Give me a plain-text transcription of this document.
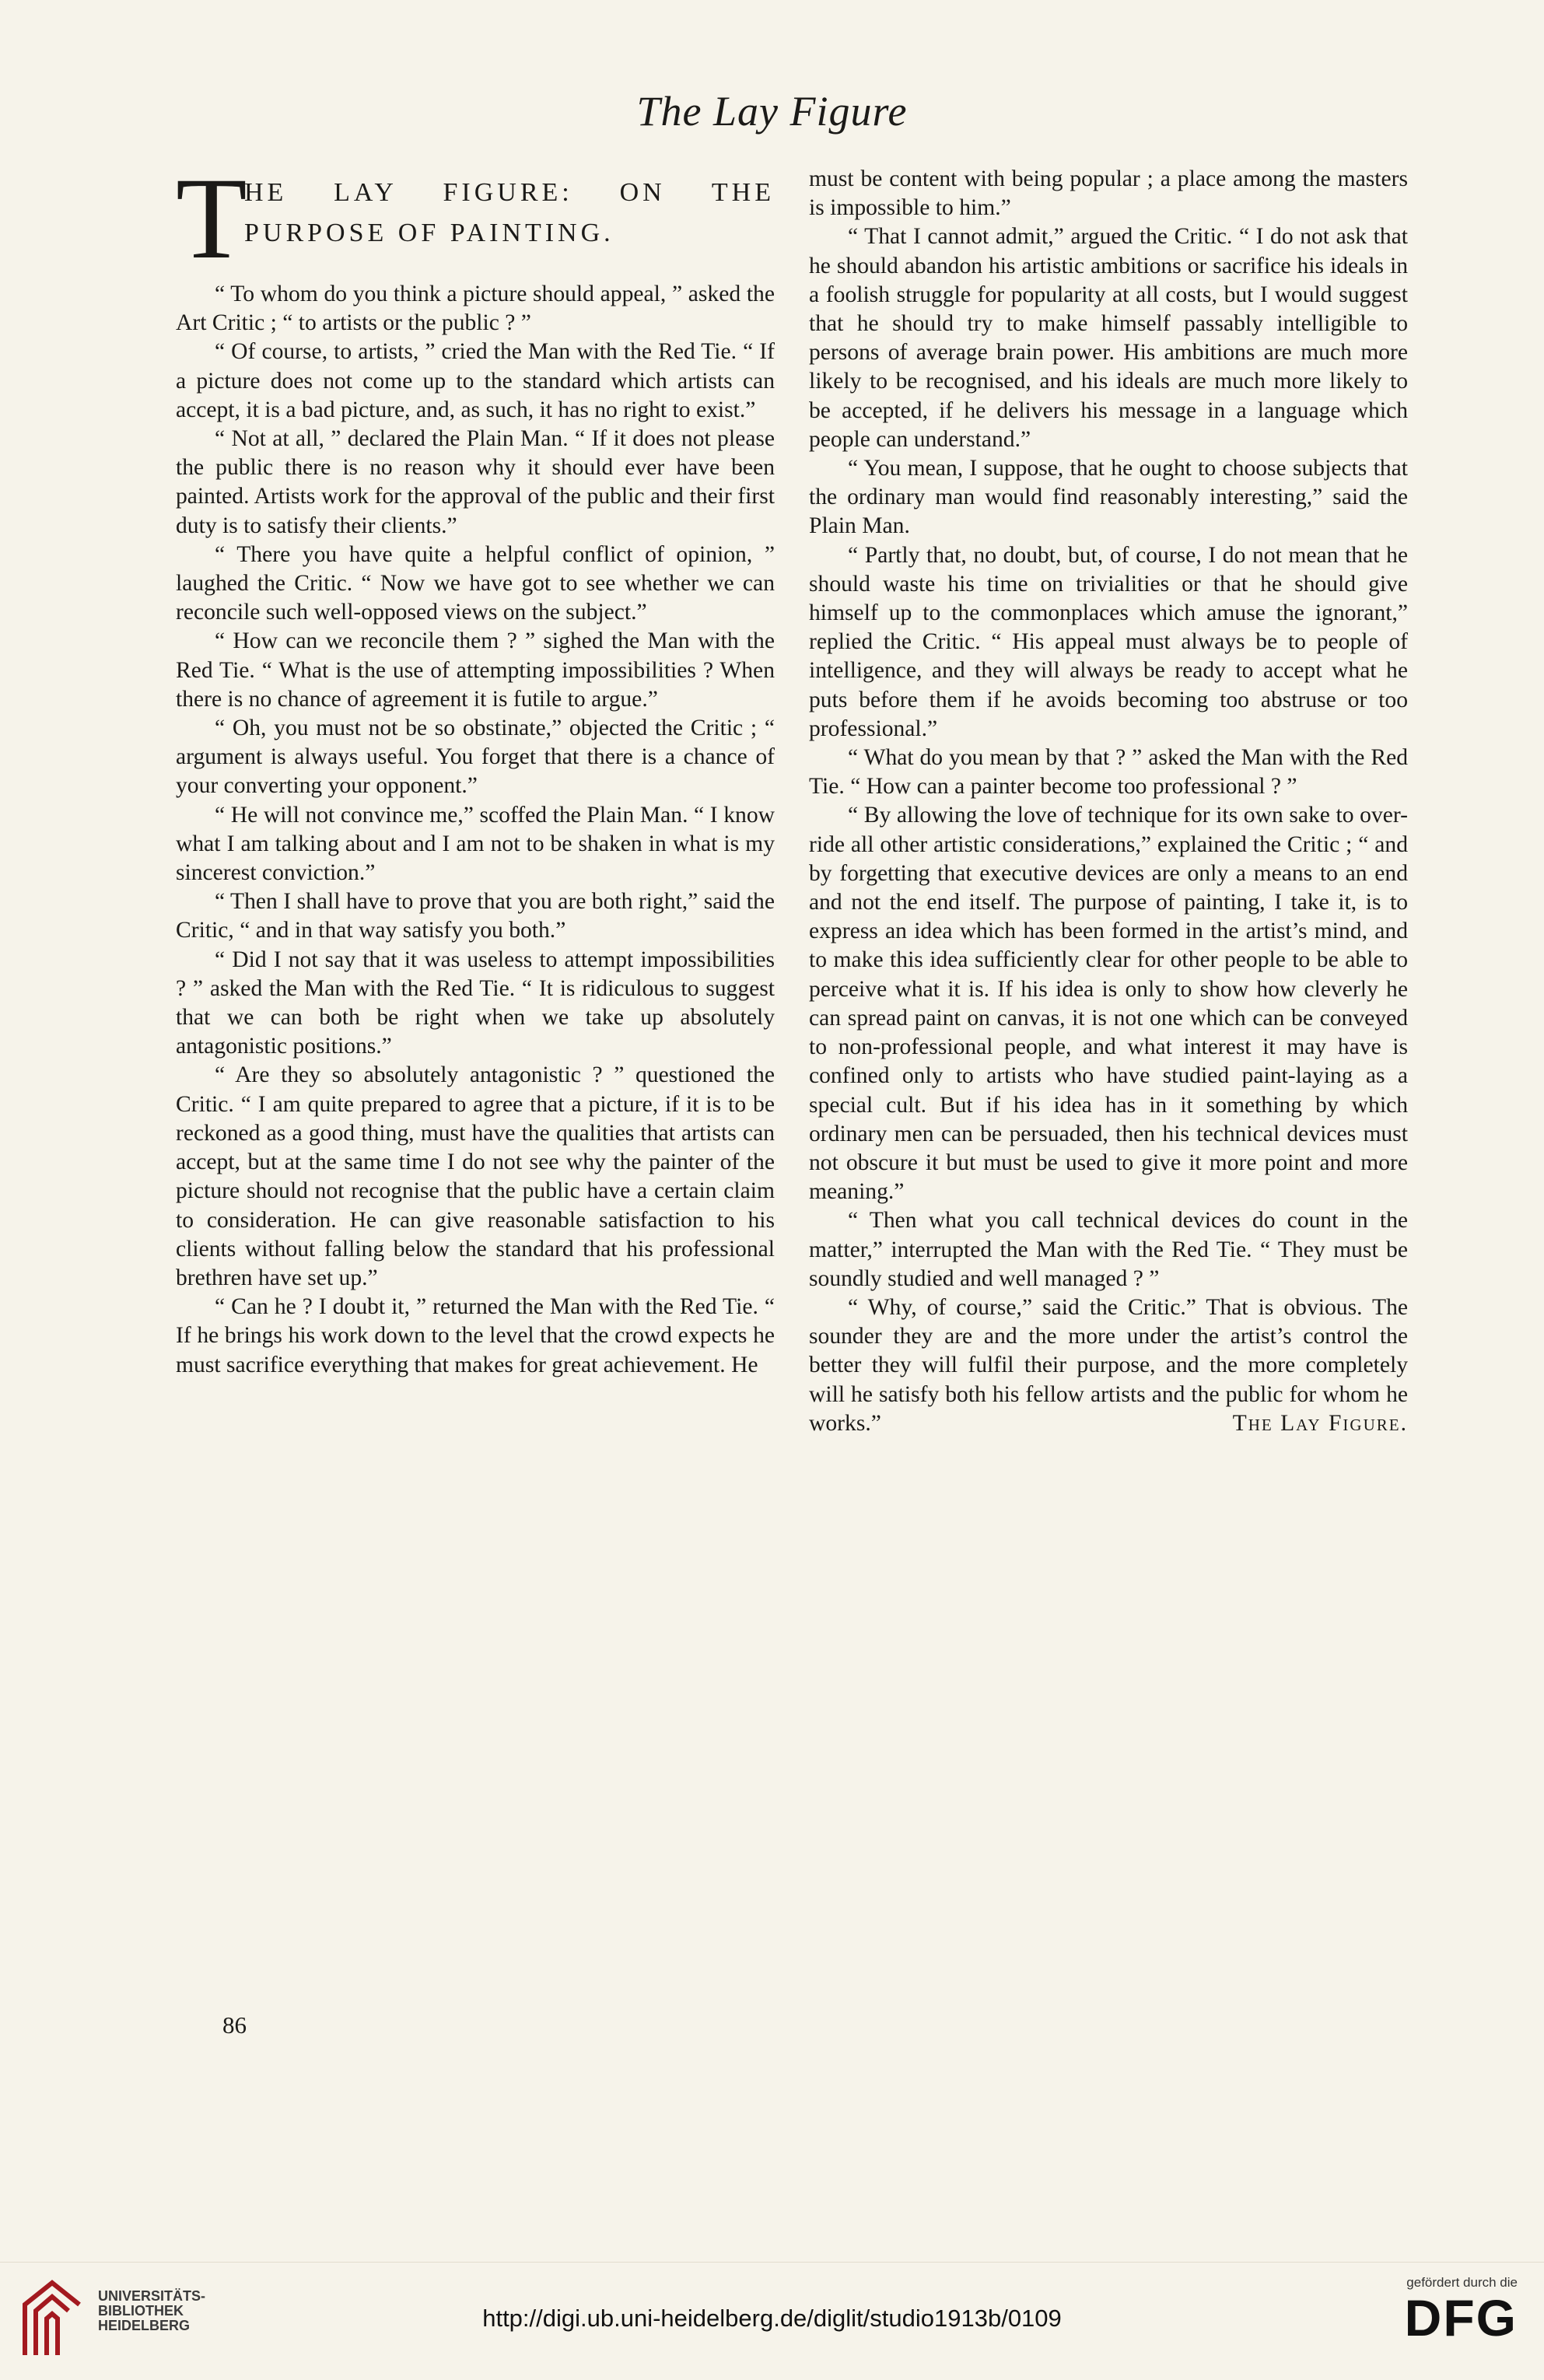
The Lay Figure
T
HE LAY FIGURE: ON THE PURPOSE OF PAINTING.

“ To whom do you think a picture should appeal, ” asked the Art Critic ; “ to artists or the public ? ”

“ Of course, to artists, ” cried the Man with the Red Tie. “ If a picture does not come up to the standard which artists can accept, it is a bad picture, and, as such, it has no right to exist.”

“ Not at all, ” declared the Plain Man. “ If it does not please the public there is no reason why it should ever have been painted. Artists work for the approval of the public and their first duty is to satisfy their clients.”

“ There you have quite a helpful conflict of opinion, ” laughed the Critic. “ Now we have got to see whether we can reconcile such well-opposed views on the subject.”

“ How can we reconcile them ? ” sighed the Man with the Red Tie. “ What is the use of attempting impossibilities ? When there is no chance of agreement it is futile to argue.”

“ Oh, you must not be so obstinate,” objected the Critic ; “ argument is always useful. You forget that there is a chance of your converting your opponent.”

“ He will not convince me,” scoffed the Plain Man. “ I know what I am talking about and I am not to be shaken in what is my sincerest conviction.”

“ Then I shall have to prove that you are both right,” said the Critic, “ and in that way satisfy you both.”

“ Did I not say that it was useless to attempt impossibilities ? ” asked the Man with the Red Tie. “ It is ridiculous to suggest that we can both be right when we take up absolutely antagonistic positions.”

“ Are they so absolutely antagonistic ? ” questioned the Critic. “ I am quite prepared to agree that a picture, if it is to be reckoned as a good thing, must have the qualities that artists can accept, but at the same time I do not see why the painter of the picture should not recognise that the public have a certain claim to consideration. He can give reasonable satisfaction to his clients without falling below the standard that his professional brethren have set up.”

“ Can he ? I doubt it, ” returned the Man with the Red Tie. “ If he brings his work down to the level that the crowd expects he must sacrifice everything that makes for great achievement. He

must be content with being popular ; a place among the masters is impossible to him.”

“ That I cannot admit,” argued the Critic. “ I do not ask that he should abandon his artistic ambitions or sacrifice his ideals in a foolish struggle for popularity at all costs, but I would suggest that he should try to make himself passably intelligible to persons of average brain power. His ambitions are much more likely to be recognised, and his ideals are much more likely to be accepted, if he delivers his message in a language which people can understand.”

“ You mean, I suppose, that he ought to choose subjects that the ordinary man would find reasonably interesting,” said the Plain Man.

“ Partly that, no doubt, but, of course, I do not mean that he should waste his time on trivialities or that he should give himself up to the commonplaces which amuse the ignorant,” replied the Critic. “ His appeal must always be to people of intelligence, and they will always be ready to accept what he puts before them if he avoids becoming too abstruse or too professional.”

“ What do you mean by that ? ” asked the Man with the Red Tie. “ How can a painter become too professional ? ”

“ By allowing the love of technique for its own sake to over-ride all other artistic considerations,” explained the Critic ; “ and by forgetting that executive devices are only a means to an end and not the end itself. The purpose of painting, I take it, is to express an idea which has been formed in the artist’s mind, and to make this idea sufficiently clear for other people to be able to perceive what it is. If his idea is only to show how cleverly he can spread paint on canvas, it is not one which can be conveyed to non-professional people, and what interest it may have is confined only to artists who have studied paint-laying as a special cult. But if his idea has in it something by which ordinary men can be persuaded, then his technical devices must not obscure it but must be used to give it more point and more meaning.”

“ Then what you call technical devices do count in the matter,” interrupted the Man with the Red Tie. “ They must be soundly studied and well managed ? ”

“ Why, of course,” said the Critic.” That is obvious. The sounder they are and the more under the artist’s control the better they will fulfil their purpose, and the more completely will he satisfy both his fellow artists and the public for whom he works.”	The Lay Figure.

86
UNIVERSITÄTS-
BIBLIOTHEK
HEIDELBERG	http://digi.ub.uni-heidelberg.de/diglit/studio1913b/0109
gefördert durch die
DFG
